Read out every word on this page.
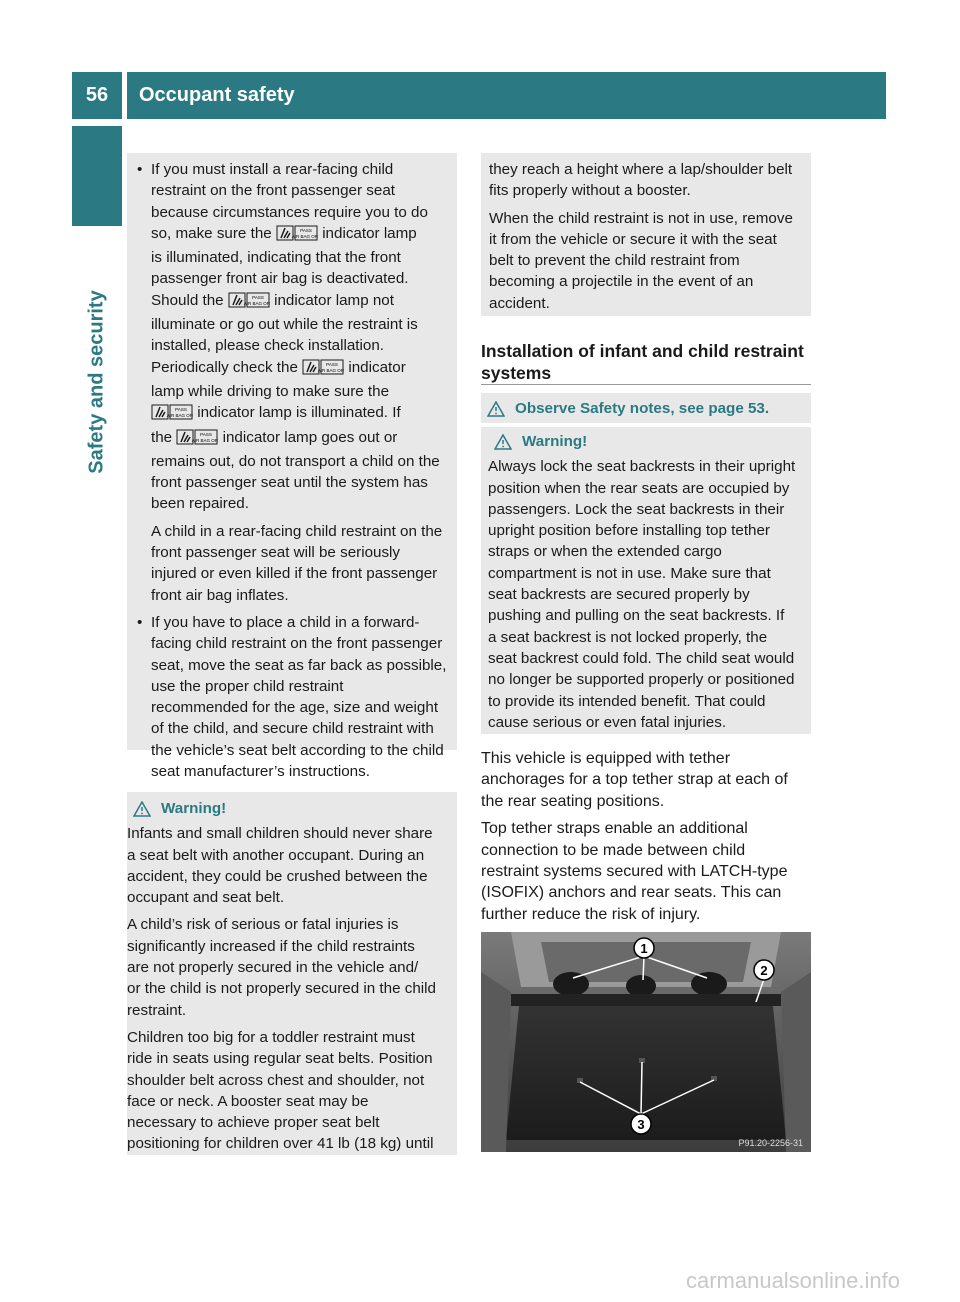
56	Occupant safety
Safety and security
• If you must install a rear-facing child

restraint on the front passenger seat

because circumstances require you to do

so, make sure the	PASS
AIR BAG OFF indicator lamp

is illuminated, indicating that the front

passenger front air bag is deactivated.

Should the	PASS
AIR BAG OFF indicator lamp not

illuminate or go out while the restraint is

installed, please check installation.

Periodically check the	PASS
AIR BAG OFF indicator

lamp while driving to make sure the

PASS
AIR BAG OFF indicator lamp is illuminated. If

the	PASS
AIR BAG OFF indicator lamp goes out or

remains out, do not transport a child on the

front passenger seat until the system has

been repaired.

A child in a rear-facing child restraint on the

front passenger seat will be seriously

injured or even killed if the front passenger

front air bag inflates.

• If you have to place a child in a forward-

facing child restraint on the front passenger

seat, move the seat as far back as possible,

use the proper child restraint

recommended for the age, size and weight

of the child, and secure child restraint with

the vehicle’s seat belt according to the child

seat manufacturer’s instructions.

Warning!

Infants and small children should never share

a seat belt with another occupant. During an

accident, they could be crushed between the

occupant and seat belt.

A child’s risk of serious or fatal injuries is

significantly increased if the child restraints

are not properly secured in the vehicle and/

or the child is not properly secured in the child

restraint.

Children too big for a toddler restraint must

ride in seats using regular seat belts. Position

shoulder belt across chest and shoulder, not

face or neck. A booster seat may be

necessary to achieve proper seat belt

positioning for children over 41 lb (18 kg) until

they reach a height where a lap/shoulder belt

fits properly without a booster.

When the child restraint is not in use, remove

it from the vehicle or secure it with the seat

belt to prevent the child restraint from

becoming a projectile in the event of an

accident.

Installation of infant and child restraint

systems

Observe Safety notes, see page 53.
Warning!

Always lock the seat backrests in their upright

position when the rear seats are occupied by

passengers. Lock the seat backrests in their

upright position before installing top tether

straps or when the extended cargo

compartment is not in use. Make sure that

seat backrests are secured properly by

pushing and pulling on the seat backrests. If

a seat backrest is not locked properly, the

seat backrest could fold. The child seat would

no longer be supported properly or positioned

to provide its intended benefit. That could

cause serious or even fatal injuries.

This vehicle is equipped with tether

anchorages for a top tether strap at each of

the rear seating positions.

Top tether straps enable an additional

connection to be made between child

restraint systems secured with LATCH-type

(ISOFIX) anchors and rear seats. This can

further reduce the risk of injury.

1
2
3
P91.20-2256-31
carmanualsonline.info
